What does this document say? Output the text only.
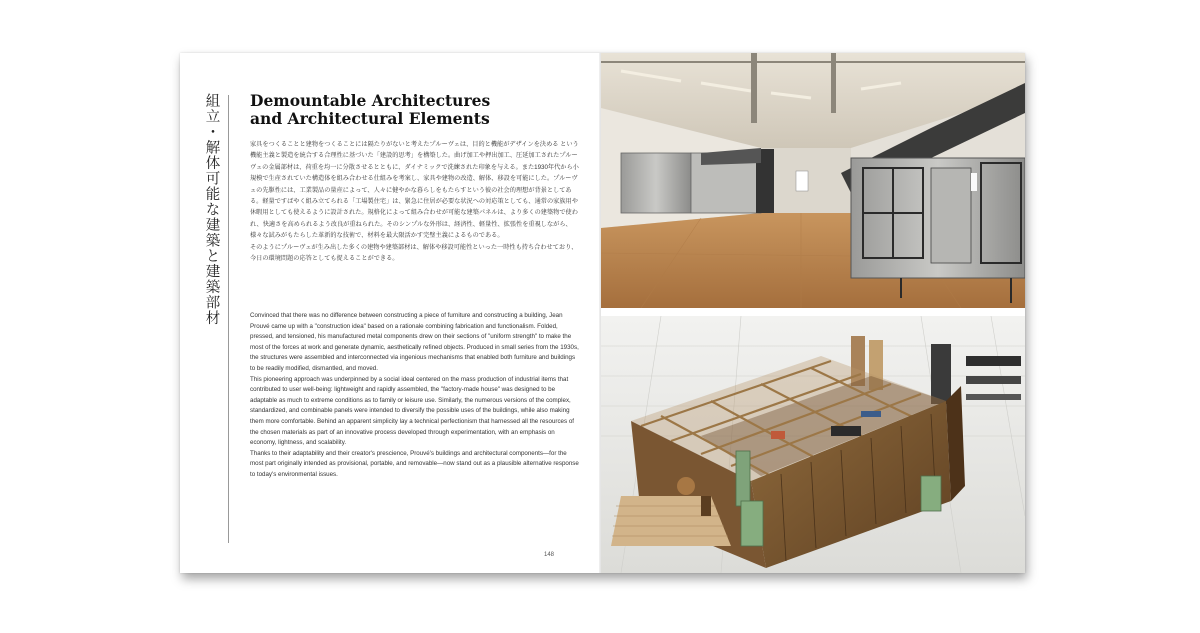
組立・解体可能な建築と建築部材 Demountable Architectures
and Architectural Elements

家具をつくることと建物をつくることには隔たりがないと考えたプルーヴェは、目的と機能がデザインを決める という機能主義と製造を統合する合理性に基づいた「建設的思考」を構築した。曲げ加工や押出加工、圧延加工されたプルーヴェの金属部材は、荷重を均一に分散させるとともに、ダイナミックで洗練された印象を与える。また1930年代から小規模で生産されていた構造体を組み合わせる仕組みを考案し、家具や建物の改造、解体、移設を可能にした。プルーヴェの先駆性には、工業製品の量産によって、人々に健やかな暮らしをもたらすという彼の社会的理想が背景としてある。軽量ですばやく組み立てられる「工場製住宅」は、緊急に住居が必要な状況への対応策としても、通常の家族用や休暇用としても使えるように設計された。規格化によって組み合わせが可能な建築パネルは、より多くの建築物で使われ、快適さを高められるよう改良が重ねられた。そのシンプルな外形は、経済性、軽量性、拡張性を重視しながら、様々な試みがもたらした革新的な技術で、材料を最大限活かす完璧主義によるものである。

そのようにプルーヴェが生み出した多くの建物や建築部材は、解体や移設可能性といった一時性も持ち合わせており、今日の環境問題の応答としても捉えることができる。

Convinced that there was no difference between constructing a piece of furniture and constructing a building, Jean Prouvé came up with a "construction idea" based on a rationale combining fabrication and functionalism. Folded, pressed, and tensioned, his manufactured metal components drew on their sections of "uniform strength" to make the most of the forces at work and generate dynamic, aesthetically refined objects. Produced in small series from the 1930s, the structures were assembled and interconnected via ingenious mechanisms that enabled both furniture and buildings to be readily modified, dismantled, and moved.

This pioneering approach was underpinned by a social ideal centered on the mass production of industrial items that contributed to user well-being: lightweight and rapidly assembled, the "factory-made house" was designed to be adaptable as much to extreme conditions as to family or leisure use. Similarly, the numerous versions of the complex, standardized, and combinable panels were intended to diversify the possible uses of the buildings, while also making them more comfortable. Behind an apparent simplicity lay a technical perfectionism that harnessed all the resources of the chosen materials as part of an innovative process developed through experimentation, with an emphasis on economy, lightness, and scalability.

Thanks to their adaptability and their creator's prescience, Prouvé's buildings and architectural components—for the most part originally intended as provisional, portable, and removable—now stand out as a plausible alternative response to today's environmental issues.

148
